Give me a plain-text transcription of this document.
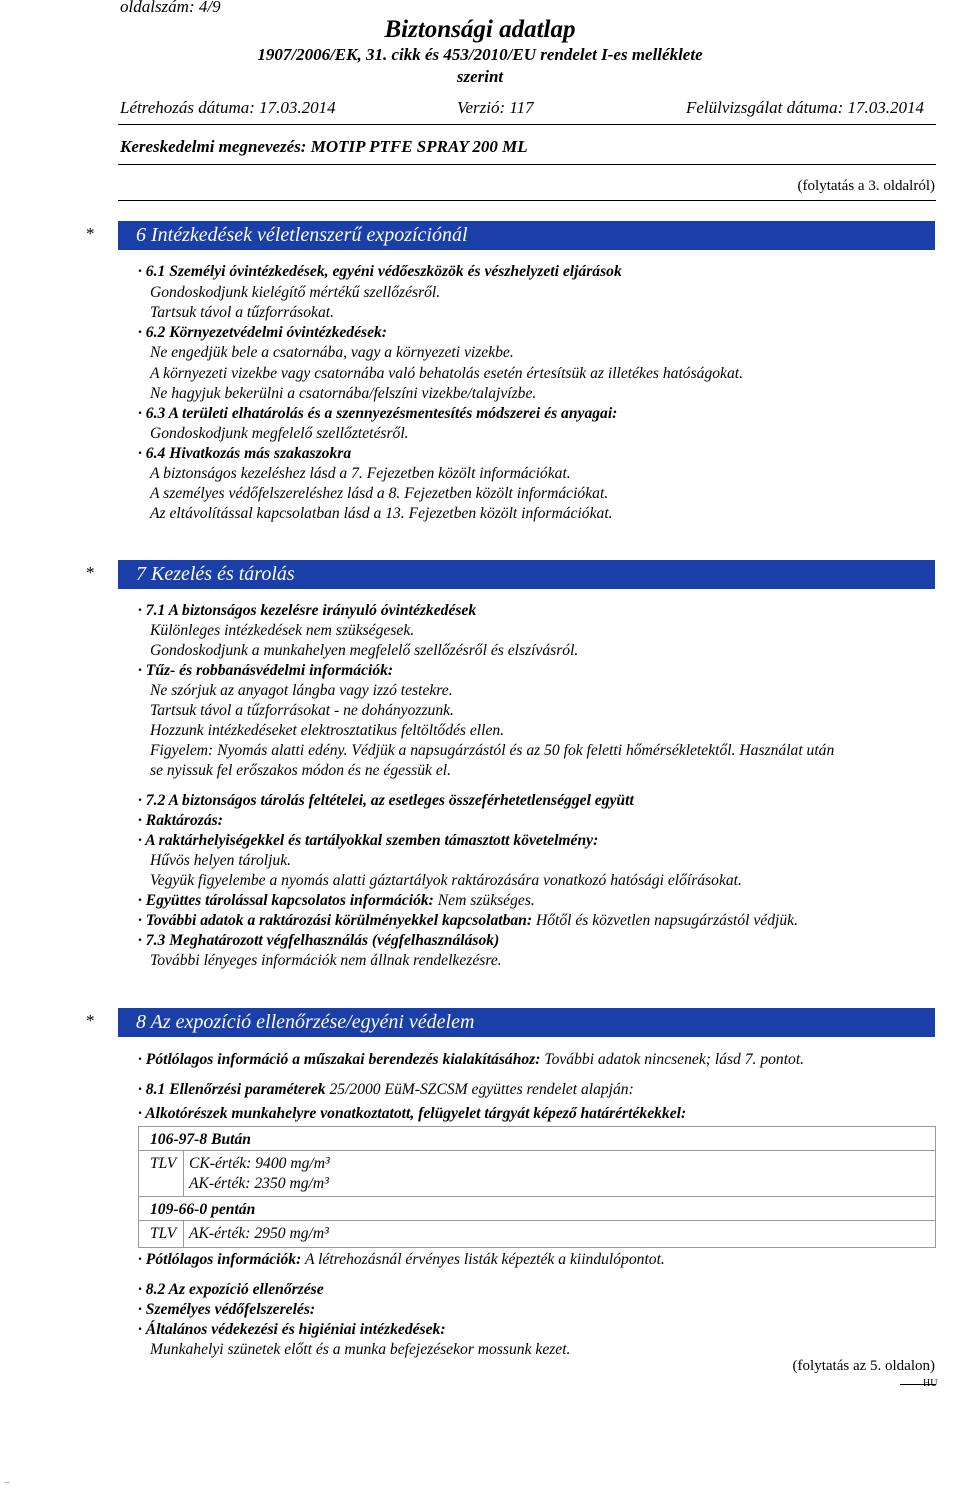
oldalszám: 4/9
Biztonsági adatlap
1907/2006/EK, 31. cikk és 453/2010/EU rendelet I-es melléklete
szerint
Létrehozás dátuma: 17.03.2014	Verzió: 117	Felülvizsgálat dátuma: 17.03.2014
Kereskedelmi megnevezés: MOTIP PTFE SPRAY 200 ML
(folytatás a 3. oldalról)
*	6 Intézkedések véletlenszerű expozíciónál
· 6.1 Személyi óvintézkedések, egyéni védőeszközök és vészhelyzeti eljárások
Gondoskodjunk kielégítő mértékű szellőzésről.
Tartsuk távol a tűzforrásokat.
· 6.2 Környezetvédelmi óvintézkedések:
Ne engedjük bele a csatornába, vagy a környezeti vizekbe.
A környezeti vizekbe vagy csatornába való behatolás esetén értesítsük az illetékes hatóságokat.
Ne hagyjuk bekerülni a csatornába/felszíni vizekbe/talajvízbe.
· 6.3 A területi elhatárolás és a szennyezésmentesítés módszerei és anyagai:
Gondoskodjunk megfelelő szellőztetésről.
· 6.4 Hivatkozás más szakaszokra
A biztonságos kezeléshez lásd a 7. Fejezetben közölt információkat.
A személyes védőfelszereléshez lásd a 8. Fejezetben közölt információkat.
Az eltávolítással kapcsolatban lásd a 13. Fejezetben közölt információkat.
*	7 Kezelés és tárolás
· 7.1 A biztonságos kezelésre irányuló óvintézkedések
Különleges intézkedések nem szükségesek.
Gondoskodjunk a munkahelyen megfelelő szellőzésről és elszívásról.
· Tűz- és robbanásvédelmi információk:
Ne szórjuk az anyagot lángba vagy izzó testekre.
Tartsuk távol a tűzforrásokat - ne dohányozzunk.
Hozzunk intézkedéseket elektrosztatikus feltöltődés ellen.
Figyelem: Nyomás alatti edény. Védjük a napsugárzástól és az 50 fok feletti hőmérsékletektől. Használat után
se nyissuk fel erőszakos módon és ne égessük el.
· 7.2 A biztonságos tárolás feltételei, az esetleges összeférhetetlenséggel együtt
· Raktározás:
· A raktárhelyiségekkel és tartályokkal szemben támasztott követelmény:
Hűvös helyen tároljuk.
Vegyük figyelembe a nyomás alatti gáztartályok raktározására vonatkozó hatósági előírásokat.
· Együttes tárolással kapcsolatos információk: Nem szükséges.
· További adatok a raktározási körülményekkel kapcsolatban: Hőtől és közvetlen napsugárzástól védjük.
· 7.3 Meghatározott végfelhasználás (végfelhasználások)
További lényeges információk nem állnak rendelkezésre.
*	8 Az expozíció ellenőrzése/egyéni védelem
· Pótlólagos információ a műszakai berendezés kialakításához: További adatok nincsenek; lásd 7. pontot.
· 8.1 Ellenőrzési paraméterek 25/2000 EüM-SZCSM együttes rendelet alapján:
· Alkotórészek munkahelyre vonatkoztatott, felügyelet tárgyát képező határértékekkel:
106-97-8 Bután
TLV CK-érték: 9400 mg/m³
AK-érték: 2350 mg/m³
109-66-0 pentán
TLV AK-érték: 2950 mg/m³
· Pótlólagos információk: A létrehozásnál érvényes listák képezték a kiindulópontot.
· 8.2 Az expozíció ellenőrzése
· Személyes védőfelszerelés:
· Általános védekezési és higiéniai intézkedések:
Munkahelyi szünetek előtt és a munka befejezésekor mossunk kezet.
(folytatás az 5. oldalon)
HU
...
